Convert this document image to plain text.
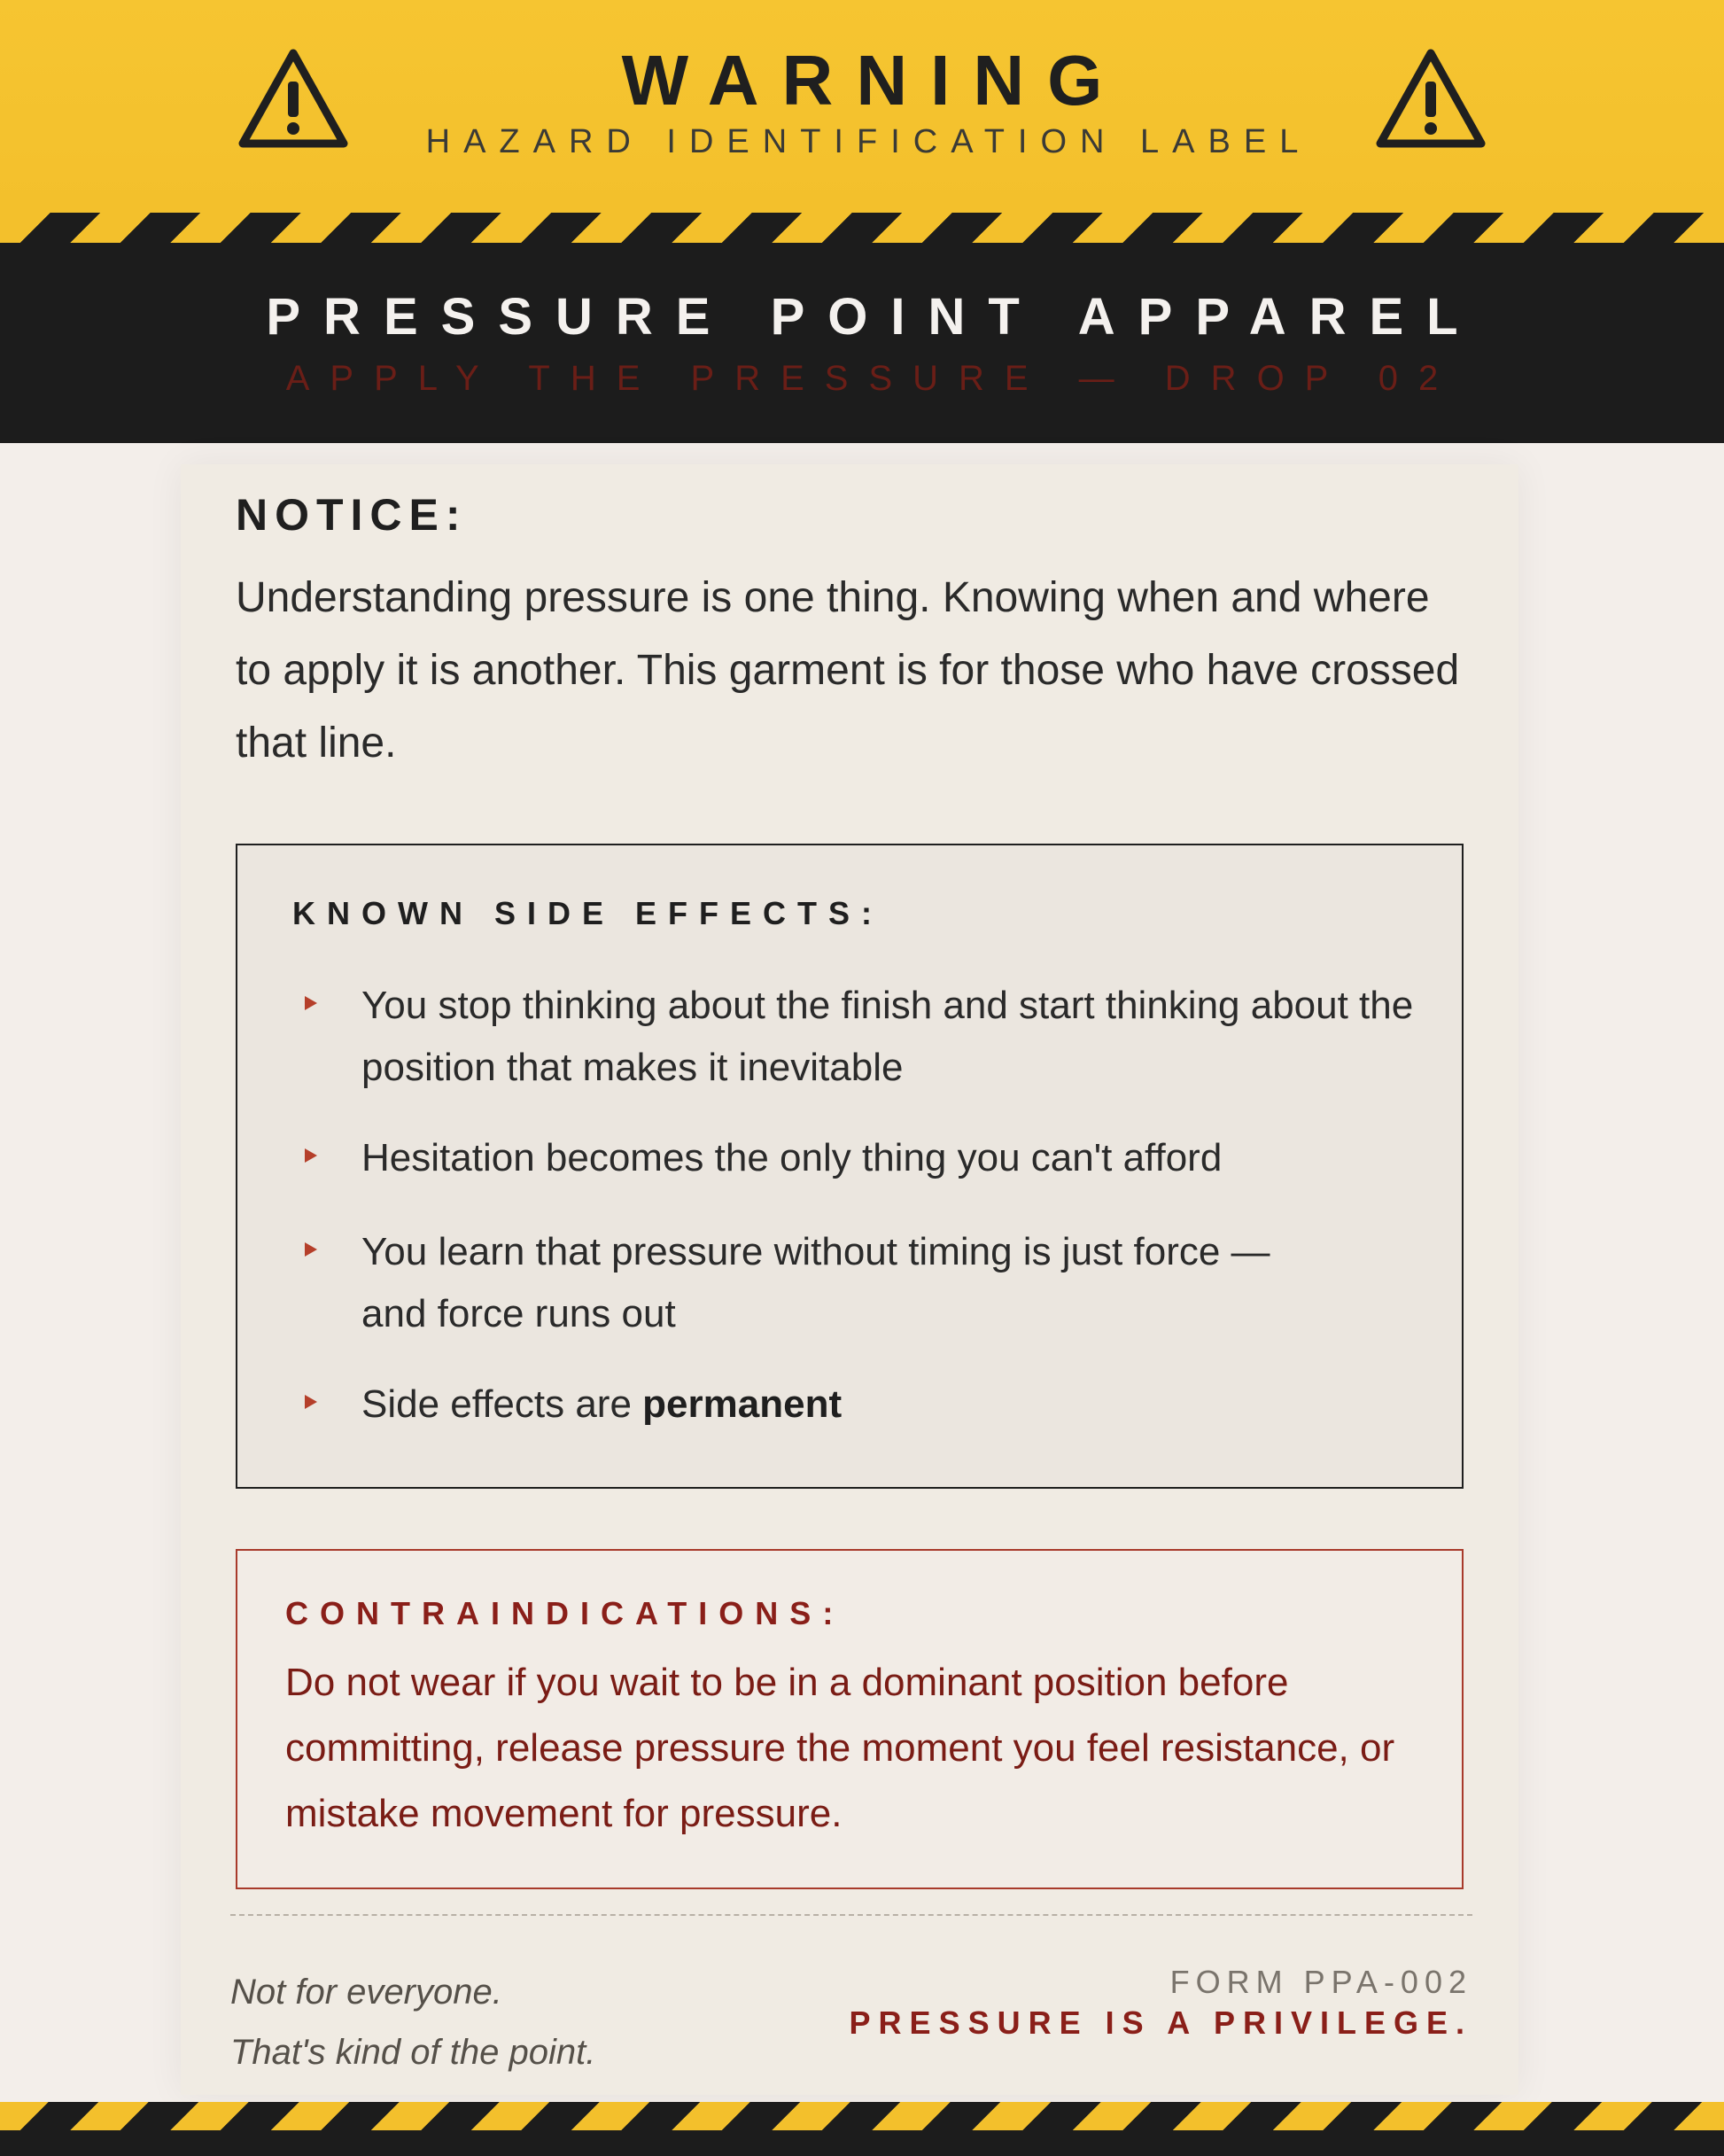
WARNING
HAZARD IDENTIFICATION LABEL
PRESSURE POINT APPAREL
APPLY THE PRESSURE — DROP 02
NOTICE:

Understanding pressure is one thing. Knowing when and where to apply it is another. This garment is for those who have crossed that line.

KNOWN SIDE EFFECTS:
You stop thinking about the finish and start thinking about the position that makes it inevitable
Hesitation becomes the only thing you can't afford
You learn that pressure without timing is just force — and force runs out
Side effects are permanent
CONTRAINDICATIONS:

Do not wear if you wait to be in a dominant position before committing, release pressure the moment you feel resistance, or mistake movement for pressure.

Not for everyone.
That's kind of the point.
FORM PPA-002
PRESSURE IS A PRIVILEGE.
